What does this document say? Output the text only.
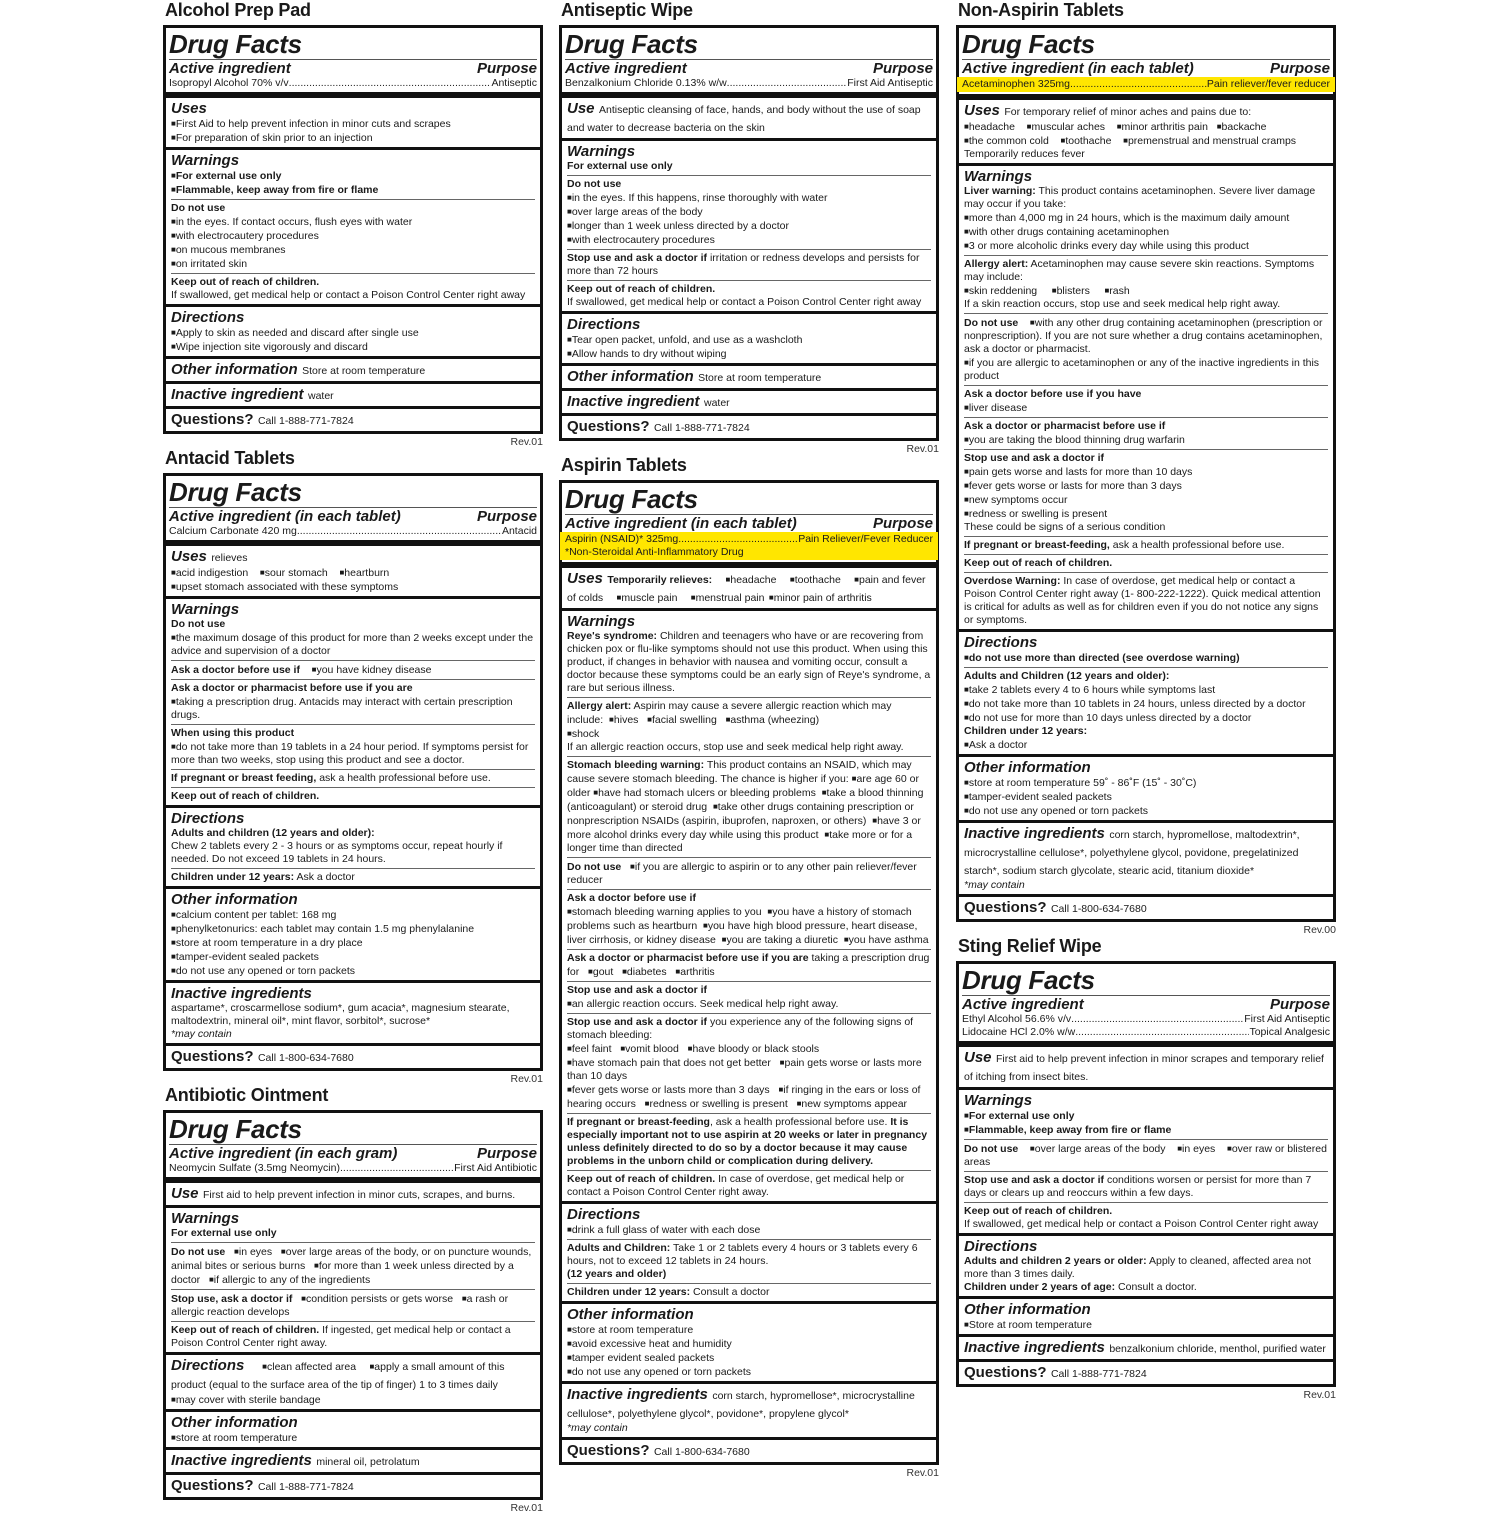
Alcohol Prep Pad
Drug Facts
Active ingredient	Purpose
Isopropyl Alcohol 70% v/v .....	Antiseptic
Uses
■ First Aid to help prevent infection in minor cuts and scrapes
■ For preparation of skin prior to an injection
Warnings
■ For external use only
■ Flammable, keep away from fire or flame
Do not use
■ in the eyes. If contact occurs, flush eyes with water
■ with electrocautery procedures
■ on mucous membranes
■ on irritated skin
Keep out of reach of children.
If swallowed, get medical help or contact a Poison Control Center right away
Directions
■ Apply to skin as needed and discard after single use
■ Wipe injection site vigorously and discard
Other information Store at room temperature
Inactive ingredient water
Questions? Call 1-888-771-7824
Rev.01
Antacid Tablets
Drug Facts
Active ingredient (in each tablet)	Purpose
Calcium Carbonate 420 mg .....	Antacid
Uses relieves
■ acid indigestion ■ sour stomach ■ heartburn
■ upset stomach associated with these symptoms
Warnings
Do not use
■ the maximum dosage of this product for more than 2 weeks except under the advice and supervision of a doctor
Ask a doctor before use if ■ you have kidney disease
Ask a doctor or pharmacist before use if you are
■ taking a prescription drug. Antacids may interact with certain prescription drugs.
When using this product
■ do not take more than 19 tablets in a 24 hour period. If symptoms persist for more than two weeks, stop using this product and see a doctor.
If pregnant or breast feeding, ask a health professional before use.
Keep out of reach of children.
Directions
Adults and children (12 years and older):
Chew 2 tablets every 2 - 3 hours or as symptoms occur, repeat hourly if needed. Do not exceed 19 tablets in 24 hours.
Children under 12 years: Ask a doctor
Other information
■ calcium content per tablet: 168 mg
■ phenylketonurics: each tablet may contain 1.5 mg phenylalanine
■ store at room temperature in a dry place
■ tamper-evident sealed packets
■ do not use any opened or torn packets
Inactive ingredients
aspartame*, croscarmellose sodium*, gum acacia*, magnesium stearate, maltodextrin, mineral oil*, mint flavor, sorbitol*, sucrose*
*may contain
Questions? Call 1-800-634-7680
Rev.01
Antibiotic Ointment
Drug Facts
Active ingredient (in each gram)	Purpose
Neomycin Sulfate (3.5mg Neomycin) .....	First Aid Antibiotic
Use First aid to help prevent infection in minor cuts, scrapes, and burns.
Warnings
For external use only
Do not use ■ in eyes ■ over large areas of the body, or on puncture wounds, animal bites or serious burns ■ for more than 1 week unless directed by a doctor ■ if allergic to any of the ingredients
Stop use, ask a doctor if ■ condition persists or gets worse ■ a rash or allergic reaction develops
Keep out of reach of children. If ingested, get medical help or contact a Poison Control Center right away.
Directions ■ clean affected area ■ apply a small amount of this product (equal to the surface area of the tip of finger) 1 to 3 times daily
■ may cover with sterile bandage
Other information
■ store at room temperature
Inactive ingredients mineral oil, petrolatum
Questions? Call 1-888-771-7824
Rev.01
Antiseptic Wipe
Drug Facts
Active ingredient	Purpose
Benzalkonium Chloride 0.13% w/w .....	First Aid Antiseptic
Use Antiseptic cleansing of face, hands, and body without the use of soap and water to decrease bacteria on the skin
Warnings
For external use only
Do not use
■ in the eyes. If this happens, rinse thoroughly with water
■ over large areas of the body
■ longer than 1 week unless directed by a doctor
■ with electrocautery procedures
Stop use and ask a doctor if irritation or redness develops and persists for more than 72 hours
Keep out of reach of children.
If swallowed, get medical help or contact a Poison Control Center right away
Directions
■ Tear open packet, unfold, and use as a washcloth
■ Allow hands to dry without wiping
Other information Store at room temperature
Inactive ingredient water
Questions? Call 1-888-771-7824
Rev.01
Aspirin Tablets
Drug Facts
Active ingredient (in each tablet)	Purpose
Aspirin (NSAID)* 325mg .....	Pain Reliever/Fever Reducer
*Non-Steroidal Anti-Inflammatory Drug
Uses Temporarily relieves: ■ headache ■ toothache ■ pain and fever of colds ■ muscle pain ■ menstrual pain ■ minor pain of arthritis
Warnings
Reye's syndrome: Children and teenagers who have or are recovering from chicken pox or flu-like symptoms should not use this product. When using this product, if changes in behavior with nausea and vomiting occur, consult a doctor because these symptoms could be an early sign of Reye's syndrome, a rare but serious illness.
Allergy alert: Aspirin may cause a severe allergic reaction which may include: ■ hives ■ facial swelling ■ asthma (wheezing)
■ shock
If an allergic reaction occurs, stop use and seek medical help right away.
Stomach bleeding warning: This product contains an NSAID, which may cause severe stomach bleeding. The chance is higher if you: ■ are age 60 or older ■ have had stomach ulcers or bleeding problems ■ take a blood thinning (anticoagulant) or steroid drug ■ take other drugs containing prescription or nonprescription NSAIDs (aspirin, ibuprofen, naproxen, or others) ■ have 3 or more alcohol drinks every day while using this product ■ take more or for a longer time than directed
Do not use ■ if you are allergic to aspirin or to any other pain reliever/fever reducer
Ask a doctor before use if
■ stomach bleeding warning applies to you ■ you have a history of stomach problems such as heartburn ■ you have high blood pressure, heart disease, liver cirrhosis, or kidney disease ■ you are taking a diuretic ■ you have asthma
Ask a doctor or pharmacist before use if you are taking a prescription drug for ■ gout ■ diabetes ■ arthritis
Stop use and ask a doctor if
■ an allergic reaction occurs. Seek medical help right away.
Stop use and ask a doctor if you experience any of the following signs of stomach bleeding:
■ feel faint ■ vomit blood ■ have bloody or black stools
■ have stomach pain that does not get better ■ pain gets worse or lasts more than 10 days
■ fever gets worse or lasts more than 3 days ■ if ringing in the ears or loss of hearing occurs ■ redness or swelling is present ■ new symptoms appear
If pregnant or breast-feeding, ask a health professional before use. It is especially important not to use aspirin at 20 weeks or later in pregnancy unless definitely directed to do so by a doctor because it may cause problems in the unborn child or complication during delivery.
Keep out of reach of children. In case of overdose, get medical help or contact a Poison Control Center right away.
Directions
■ drink a full glass of water with each dose
Adults and Children: Take 1 or 2 tablets every 4 hours or 3 tablets every 6 hours, not to exceed 12 tablets in 24 hours.
(12 years and older)
Children under 12 years: Consult a doctor
Other information
■ store at room temperature
■ avoid excessive heat and humidity
■ tamper evident sealed packets
■ do not use any opened or torn packets
Inactive ingredients corn starch, hypromellose*, microcrystalline cellulose*, polyethylene glycol*, povidone*, propylene glycol*
*may contain
Questions? Call 1-800-634-7680
Rev.01
Non-Aspirin Tablets
Drug Facts
Active ingredient (in each tablet)	Purpose
Acetaminophen 325mg .....	Pain reliever/fever reducer
Uses For temporary relief of minor aches and pains due to:
■ headache ■ muscular aches ■ minor arthritis pain ■ backache
■ the common cold ■ toothache ■ premenstrual and menstrual cramps
Temporarily reduces fever
Warnings
Liver warning: This product contains acetaminophen. Severe liver damage may occur if you take:
■ more than 4,000 mg in 24 hours, which is the maximum daily amount
■ with other drugs containing acetaminophen
■ 3 or more alcoholic drinks every day while using this product
Allergy alert: Acetaminophen may cause severe skin reactions. Symptoms may include:
■ skin reddening ■ blisters ■ rash
If a skin reaction occurs, stop use and seek medical help right away.
Do not use ■ with any other drug containing acetaminophen (prescription or nonprescription). If you are not sure whether a drug contains acetaminophen, ask a doctor or pharmacist.
■ if you are allergic to acetaminophen or any of the inactive ingredients in this product
Ask a doctor before use if you have
■ liver disease
Ask a doctor or pharmacist before use if
■ you are taking the blood thinning drug warfarin
Stop use and ask a doctor if
■ pain gets worse and lasts for more than 10 days
■ fever gets worse or lasts for more than 3 days
■ new symptoms occur
■ redness or swelling is present
These could be signs of a serious condition
If pregnant or breast-feeding, ask a health professional before use.
Keep out of reach of children.
Overdose Warning: In case of overdose, get medical help or contact a Poison Control Center right away (1- 800-222-1222). Quick medical attention is critical for adults as well as for children even if you do not notice any signs or symptoms.
Directions
■ do not use more than directed (see overdose warning)
Adults and Children (12 years and older):
■ take 2 tablets every 4 to 6 hours while symptoms last
■ do not take more than 10 tablets in 24 hours, unless directed by a doctor
■ do not use for more than 10 days unless directed by a doctor
Children under 12 years:
■ Ask a doctor
Other information
■ store at room temperature 59˚ - 86˚F (15˚ - 30˚C)
■ tamper-evident sealed packets
■ do not use any opened or torn packets
Inactive ingredients corn starch, hypromellose, maltodextrin*, microcrystalline cellulose*, polyethylene glycol, povidone, pregelatinized starch*, sodium starch glycolate, stearic acid, titanium dioxide*
*may contain
Questions? Call 1-800-634-7680
Rev.00
Sting Relief Wipe
Drug Facts
Active ingredient	Purpose
Ethyl Alcohol 56.6% v/v .....	First Aid Antiseptic
Lidocaine HCl 2.0% w/w .....	Topical Analgesic
Use First aid to help prevent infection in minor scrapes and temporary relief of itching from insect bites.
Warnings
■ For external use only
■ Flammable, keep away from fire or flame
Do not use ■ over large areas of the body ■ in eyes ■ over raw or blistered areas
Stop use and ask a doctor if conditions worsen or persist for more than 7 days or clears up and reoccurs within a few days.
Keep out of reach of children.
If swallowed, get medical help or contact a Poison Control Center right away
Directions
Adults and children 2 years or older: Apply to cleaned, affected area not more than 3 times daily.
Children under 2 years of age: Consult a doctor.
Other information
■ Store at room temperature
Inactive ingredients benzalkonium chloride, menthol, purified water
Questions? Call 1-888-771-7824
Rev.01
